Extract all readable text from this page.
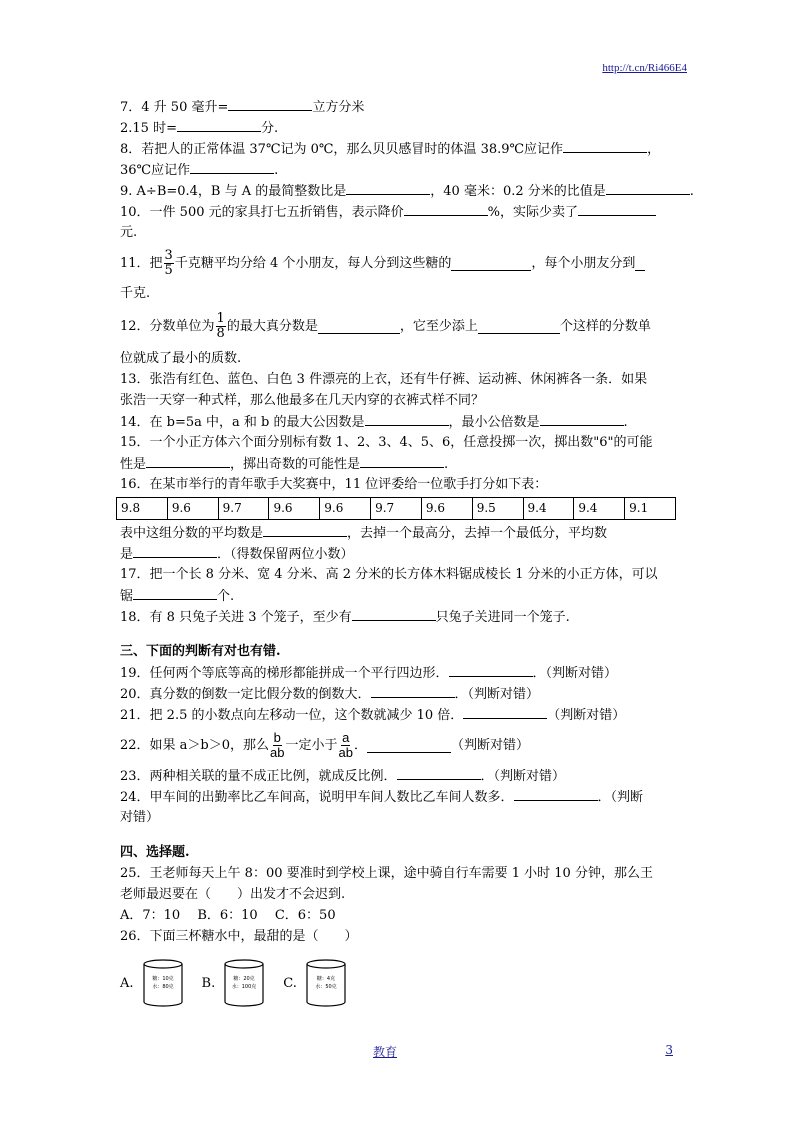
http://t.cn/Ri466E4
7．4 升 50 毫升=	立方分米
2.15 时=	分.
8．若把人的正常体温 37℃记为 0℃，那么贝贝感冒时的体温 38.9℃应记作	，
36℃应记作	.
9. A÷B=0.4，B 与 A 的最简整数比是	，40 毫米：0.2 分米的比值是	.
10．一件 500 元的家具打七五折销售，表示降价	%，实际少卖了
元.
11．把 $\frac{3}{5}$ 千克糖平均分给 4 个小朋友，每人分到这些糖的	，每个小朋友分到
千克.
12．分数单位为 $\frac{1}{8}$ 的最大真分数是	，它至少添上	个这样的分数单
位就成了最小的质数.
13．张浩有红色、蓝色、白色 3 件漂亮的上衣，还有牛仔裤、运动裤、休闲裤各一条．如果
张浩一天穿一种式样，那么他最多在几天内穿的衣裤式样不同？
14．在 b=5a 中，a 和 b 的最大公因数是	，最小公倍数是	.
15．一个小正方体六个面分别标有数 1、2、3、4、5、6，任意投掷一次，掷出数"6"的可能
性是	，掷出奇数的可能性是	.
16．在某市举行的青年歌手大奖赛中，11 位评委给一位歌手打分如下表：
9.8	9.6	9.7	9.6	9.6	9.7	9.6	9.5	9.4	9.4	9.1
表中这组分数的平均数是	，去掉一个最高分，去掉一个最低分，平均数
是	．（得数保留两位小数）
17．把一个长 8 分米、宽 4 分米、高 2 分米的长方体木料锯成棱长 1 分米的小正方体，可以
锯	个.
18．有 8 只兔子关进 3 个笼子，至少有	只兔子关进同一个笼子.
三、下面的判断有对也有错.
19．任何两个等底等高的梯形都能拼成一个平行四边形．	．（判断对错）
20．真分数的倒数一定比假分数的倒数大．	．（判断对错）
21．把 2.5 的小数点向左移动一位，这个数就减少 10 倍．	（判断对错）
22．如果 a＞b＞0，那么 $\frac{b}{ab}$ 一定小于 $\frac{a}{ab}$ ．	（判断对错）
23．两种相关联的量不成正比例，就成反比例．	．（判断对错）
24．甲车间的出勤率比乙车间高，说明甲车间人数比乙车间人数多．	．（判断
对错）
四、选择题.
25．王老师每天上午 8：00 要准时到学校上课，途中骑自行车需要 1 小时 10 分钟，那么王
老师最迟要在（　　）出发才不会迟到.
A．7：10　 B．6：10　 C．6：50
26．下面三杯糖水中，最甜的是（　　）
A.	糖：10克
水：80克 B.	糖：20克
水：100克 C.	糖：4克
水：50克
教育	3
